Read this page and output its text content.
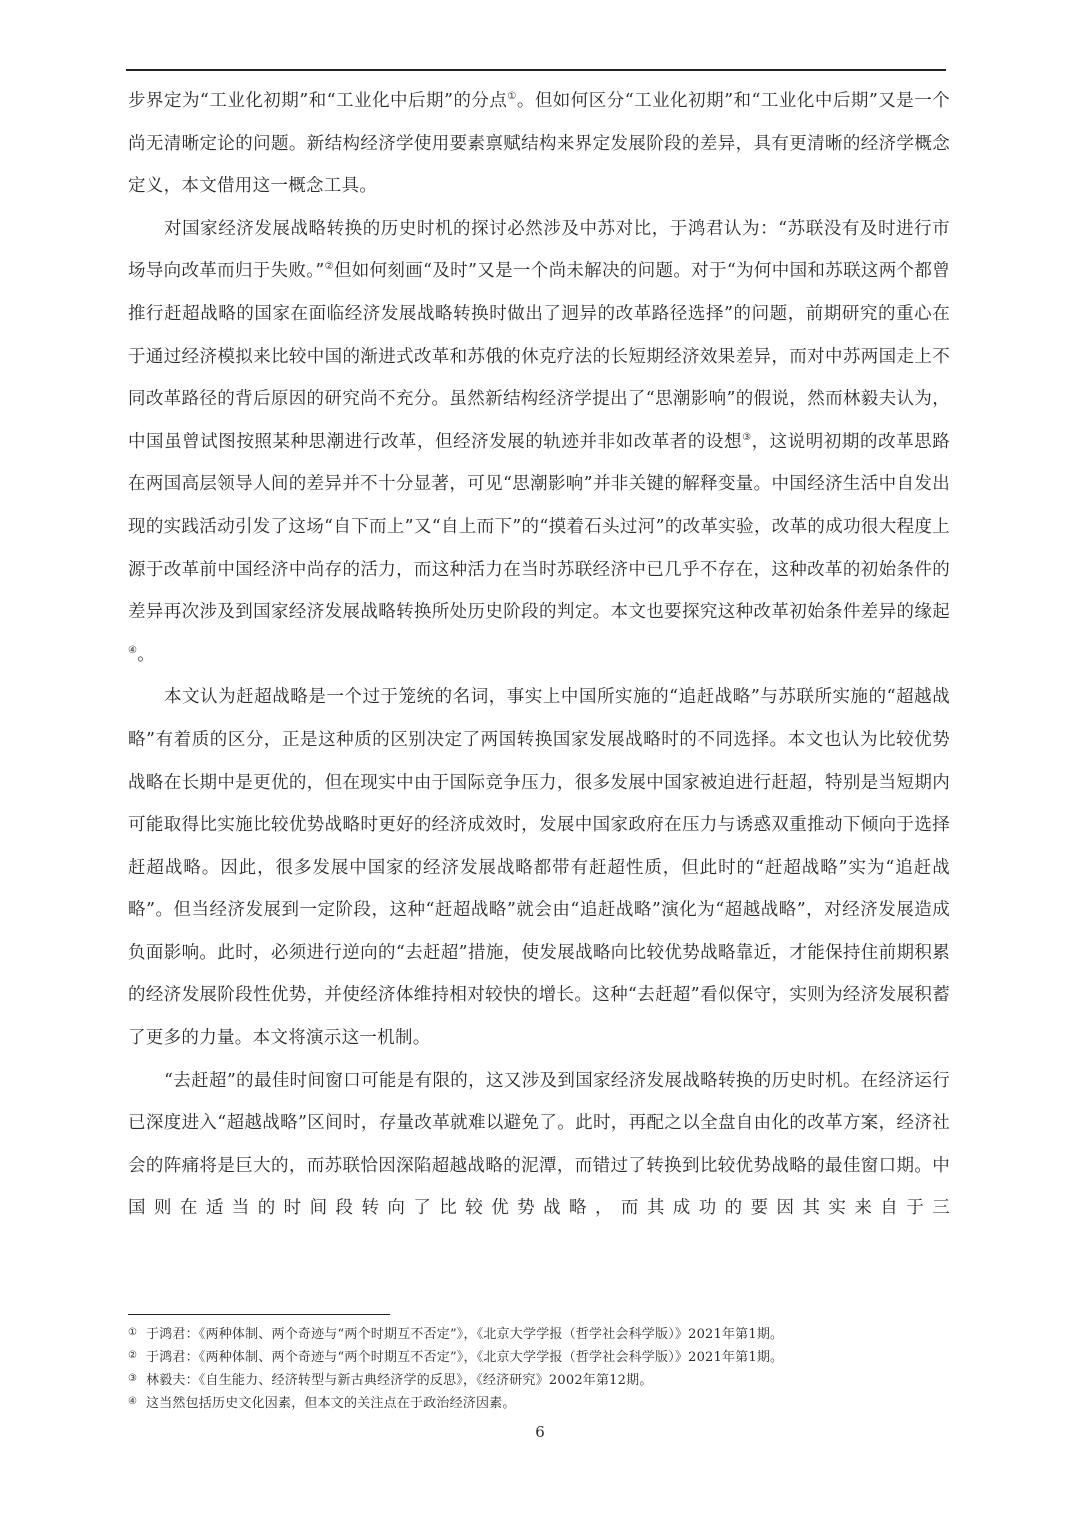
步界定为“工业化初期”和“工业化中后期”的分点①。但如何区分“工业化初期”和“工业化中后期”又是一个尚无清晰定论的问题。新结构经济学使用要素禀赋结构来界定发展阶段的差异，具有更清晰的经济学概念定义，本文借用这一概念工具。

对国家经济发展战略转换的历史时机的探讨必然涉及中苏对比，于鸿君认为：“苏联没有及时进行市场导向改革而归于失败。”②但如何刻画“及时”又是一个尚未解决的问题。对于“为何中国和苏联这两个都曾推行赶超战略的国家在面临经济发展战略转换时做出了迥异的改革路径选择”的问题，前期研究的重心在于通过经济模拟来比较中国的渐进式改革和苏俄的休克疗法的长短期经济效果差异，而对中苏两国走上不同改革路径的背后原因的研究尚不充分。虽然新结构经济学提出了“思潮影响”的假说，然而林毅夫认为，中国虽曾试图按照某种思潮进行改革，但经济发展的轨迹并非如改革者的设想③，这说明初期的改革思路在两国高层领导人间的差异并不十分显著，可见“思潮影响”并非关键的解释变量。中国经济生活中自发出现的实践活动引发了这场“自下而上”又“自上而下”的“摸着石头过河”的改革实验，改革的成功很大程度上源于改革前中国经济中尚存的活力，而这种活力在当时苏联经济中已几乎不存在，这种改革的初始条件的差异再次涉及到国家经济发展战略转换所处历史阶段的判定。本文也要探究这种改革初始条件差异的缘起④。

本文认为赶超战略是一个过于笼统的名词，事实上中国所实施的“追赶战略”与苏联所实施的“超越战略”有着质的区分，正是这种质的区别决定了两国转换国家发展战略时的不同选择。本文也认为比较优势战略在长期中是更优的，但在现实中由于国际竞争压力，很多发展中国家被迫进行赶超，特别是当短期内可能取得比实施比较优势战略时更好的经济成效时，发展中国家政府在压力与诱惑双重推动下倾向于选择赶超战略。因此，很多发展中国家的经济发展战略都带有赶超性质，但此时的“赶超战略”实为“追赶战略”。但当经济发展到一定阶段，这种“赶超战略”就会由“追赶战略”演化为“超越战略”，对经济发展造成负面影响。此时，必须进行逆向的“去赶超”措施，使发展战略向比较优势战略靠近，才能保持住前期积累的经济发展阶段性优势，并使经济体维持相对较快的增长。这种“去赶超”看似保守，实则为经济发展积蓄了更多的力量。本文将演示这一机制。

“去赶超”的最佳时间窗口可能是有限的，这又涉及到国家经济发展战略转换的历史时机。在经济运行已深度进入“超越战略”区间时，存量改革就难以避免了。此时，再配之以全盘自由化的改革方案，经济社会的阵痛将是巨大的，而苏联恰因深陷超越战略的泥潭，而错过了转换到比较优势战略的最佳窗口期。中国则在适当的时间段转向了比较优势战略，而其成功的要因其实来自于三

① 于鸿君：《两种体制、两个奇迹与“两个时期互不否定”》，《北京大学学报（哲学社会科学版）》2021年第1期。

② 于鸿君：《两种体制、两个奇迹与“两个时期互不否定”》，《北京大学学报（哲学社会科学版）》2021年第1期。

③ 林毅夫：《自生能力、经济转型与新古典经济学的反思》，《经济研究》2002年第12期。

④ 这当然包括历史文化因素，但本文的关注点在于政治经济因素。

6
